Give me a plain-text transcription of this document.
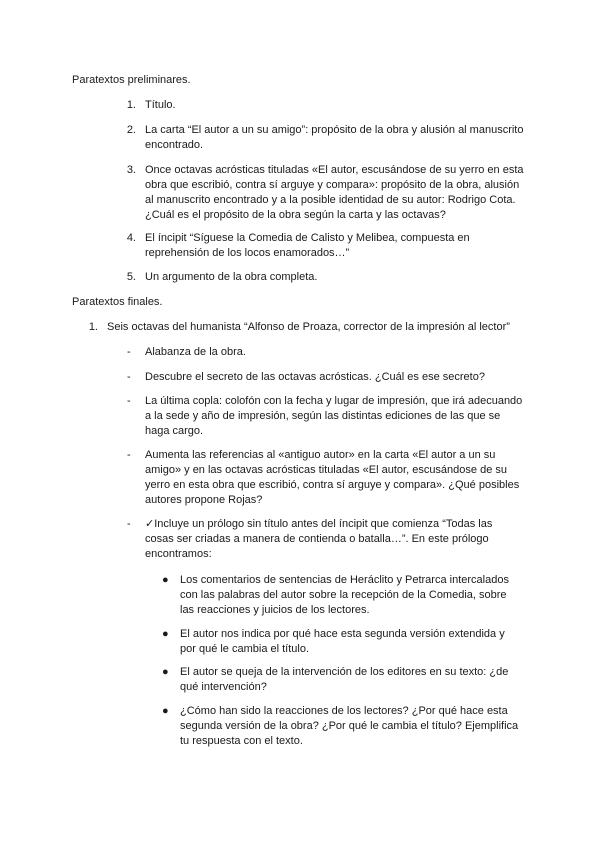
Paratextos preliminares.
1. Título.
2. La carta “El autor a un su amigo”: propósito de la obra y alusión al manuscrito
encontrado.
3. Once octavas acrósticas tituladas «El autor, escusándose de su yerro en esta
obra que escribió, contra sí arguye y compara»: propósito de la obra, alusión
al manuscrito encontrado y a la posible identidad de su autor: Rodrigo Cota.
¿Cuál es el propósito de la obra según la carta y las octavas?
4. El íncipit “Síguese la Comedia de Calisto y Melibea, compuesta en
reprehensión de los locos enamorados…”
5. Un argumento de la obra completa.
Paratextos finales.
1. Seis octavas del humanista “Alfonso de Proaza, corrector de la impresión al lector”
- Alabanza de la obra.
- Descubre el secreto de las octavas acrósticas. ¿Cuál es ese secreto?
- La última copla: colofón con la fecha y lugar de impresión, que irá adecuando
a la sede y año de impresión, según las distintas ediciones de las que se
haga cargo.
- Aumenta las referencias al «antiguo autor» en la carta «El autor a un su
amigo» y en las octavas acrósticas tituladas «El autor, escusándose de su
yerro en esta obra que escribió, contra sí arguye y compara». ¿Qué posibles
autores propone Rojas?
- ✓Incluye un prólogo sin título antes del íncipit que comienza “Todas las
cosas ser criadas a manera de contienda o batalla…”. En este prólogo
encontramos:
● Los comentarios de sentencias de Heráclito y Petrarca intercalados
con las palabras del autor sobre la recepción de la Comedia, sobre
las reacciones y juicios de los lectores.
● El autor nos indica por qué hace esta segunda versión extendida y
por qué le cambia el título.
● El autor se queja de la intervención de los editores en su texto: ¿de
qué intervención?
● ¿Cómo han sido la reacciones de los lectores? ¿Por qué hace esta
segunda versión de la obra? ¿Por qué le cambia el título? Ejemplifica
tu respuesta con el texto.
